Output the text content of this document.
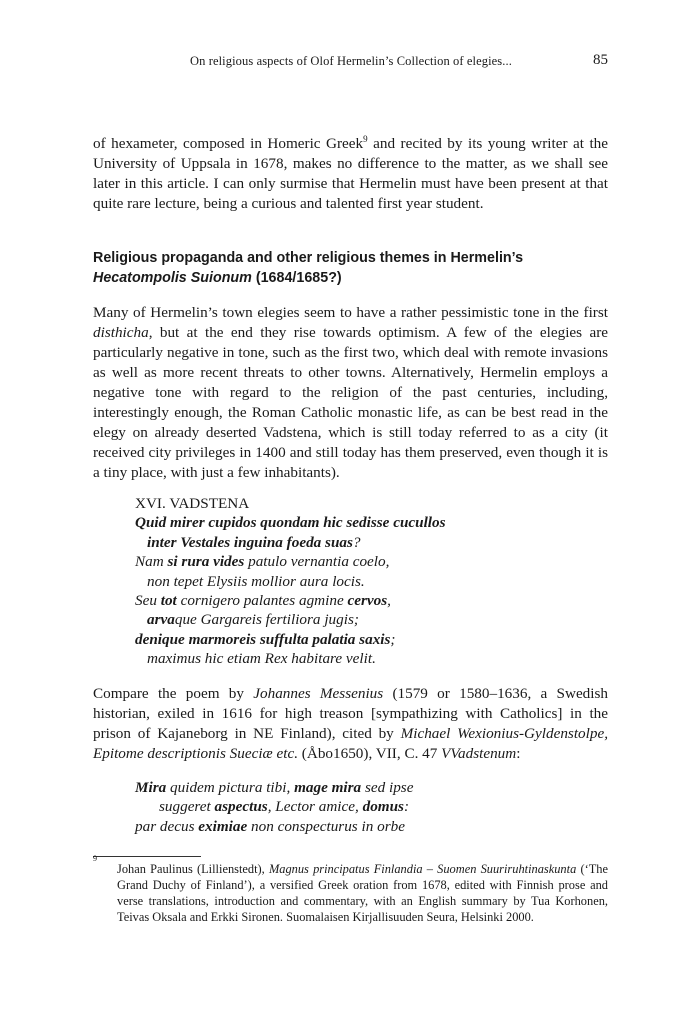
On religious aspects of Olof Hermelin’s Collection of elegies...	85

of hexameter, composed in Homeric Greek$^9$ and recited by its young writer at the University of Uppsala in 1678, makes no difference to the matter, as we shall see later in this article. I can only surmise that Hermelin must have been present at that quite rare lecture, being a curious and talented first year student.

Religious propaganda and other religious themes in Hermelin’s
Hecatompolis Suionum (1684/1685?)

Many of Hermelin’s town elegies seem to have a rather pessimistic tone in the first disthicha, but at the end they rise towards optimism. A few of the elegies are particularly negative in tone, such as the first two, which deal with remote invasions as well as more recent threats to other towns. Alternatively, Hermelin employs a negative tone with regard to the religion of the past centuries, including, interestingly enough, the Roman Catholic monastic life, as can be best read in the elegy on already deserted Vadstena, which is still today referred to as a city (it received city privileges in 1400 and still today has them preserved, even though it is a tiny place, with just a few inhabitants).

XVI. VADSTENA
Quid mirer cupidos quondam hic sedisse cucullos
inter Vestales inguina foeda suas?
Nam si rura vides patulo vernantia coelo,
non tepet Elysiis mollior aura locis.
Seu tot cornigero palantes agmine cervos,
arvaque Gargareis fertiliora jugis;
denique marmoreis suffulta palatia saxis;
maximus hic etiam Rex habitare velit.

Compare the poem by Johannes Messenius (1579 or 1580–1636, a Swedish historian, exiled in 1616 for high treason [sympathizing with Catholics] in the prison of Kajaneborg in NE Finland), cited by Michael Wexionius-Gyldenstolpe, Epitome descriptionis Sueciæ etc. (Åbo1650), VII, C. 47 VVadstenum:

Mira quidem pictura tibi, mage mira sed ipse
suggeret aspectus, Lector amice, domus:
par decus eximiae non conspecturus in orbe
9
Johan Paulinus (Lillienstedt), Magnus principatus Finlandia – Suomen Suuriruhtinaskunta (‘The Grand Duchy of Finland’), a versified Greek oration from 1678, edited with Finnish prose and verse translations, introduction and commentary, with an English summary by Tua Korhonen, Teivas Oksala and Erkki Sironen. Suomalaisen Kirjallisuuden Seura, Helsinki 2000.
